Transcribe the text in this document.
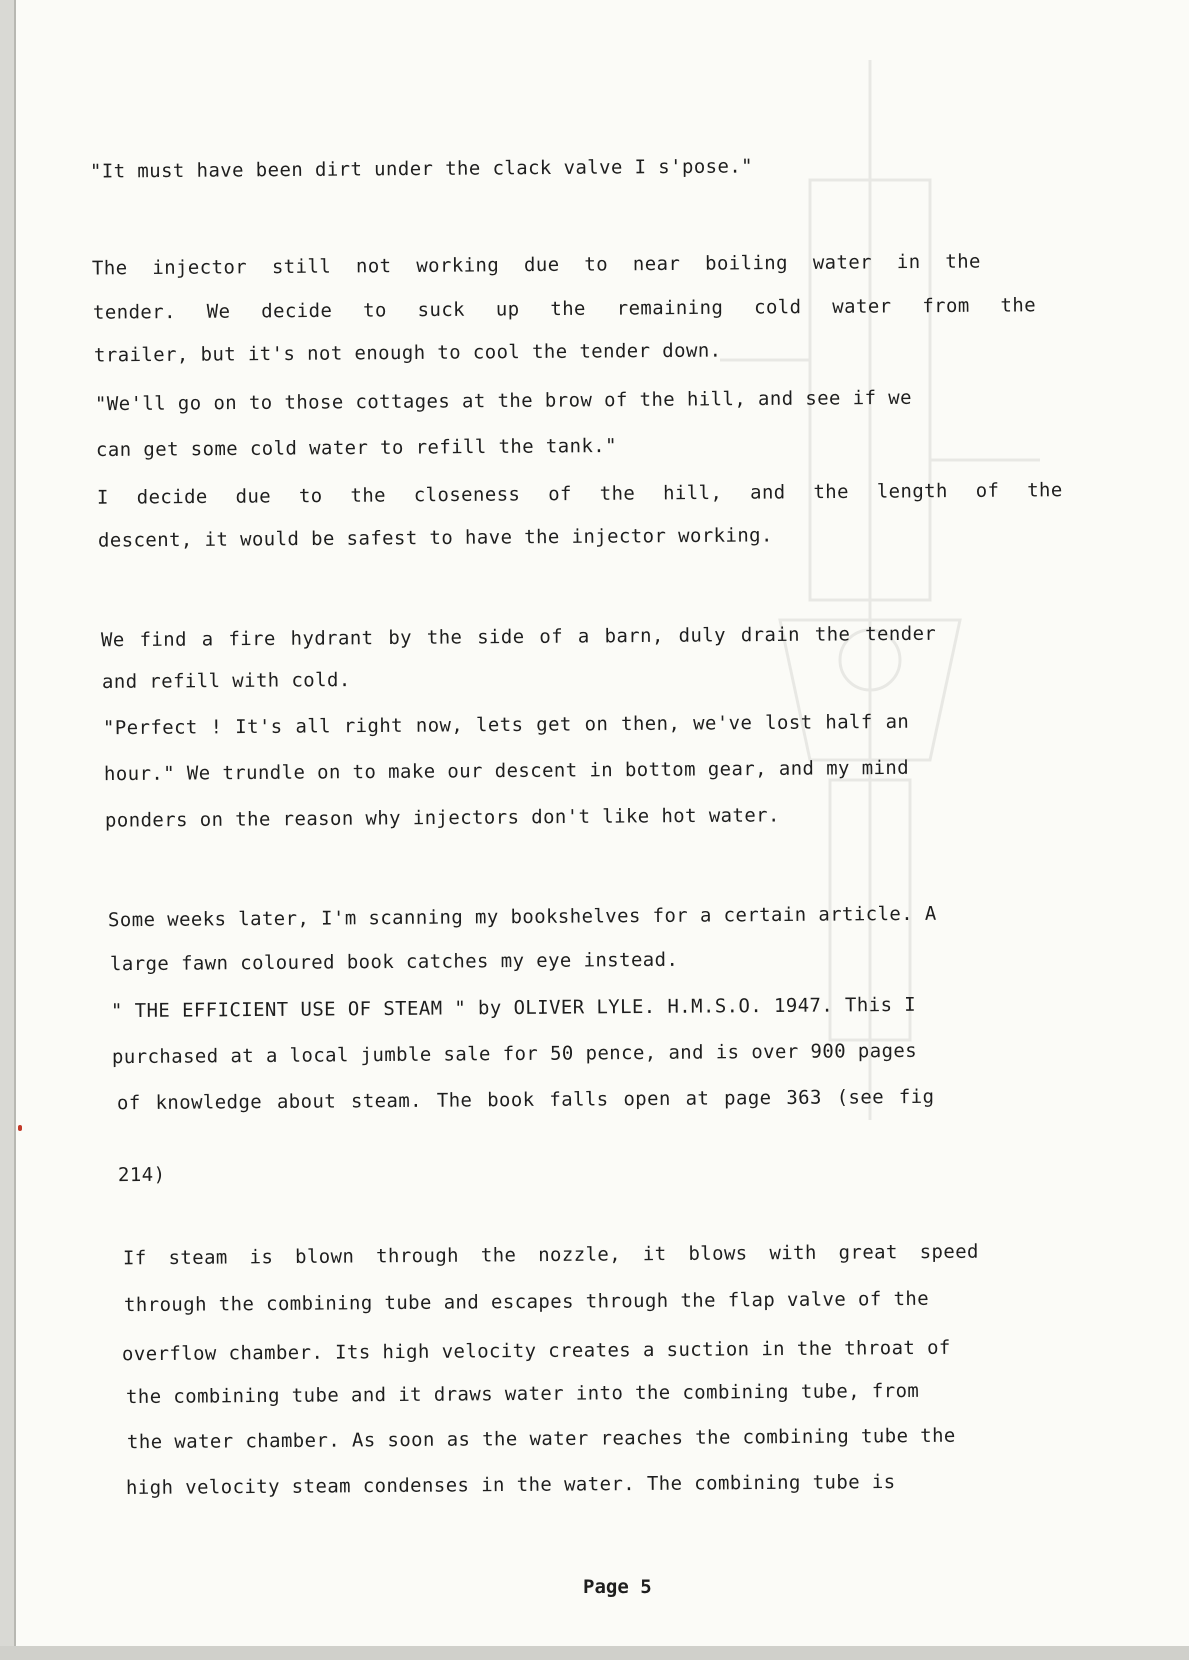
"It must have been dirt under the clack valve I s'pose."
The injector still not working due to near boiling water in the
tender. We decide to suck up the remaining cold water from the
trailer, but it's not enough to cool the tender down.
"We'll go on to those cottages at the brow of the hill, and see if we
can get some cold water to refill the tank."
I decide due to the closeness of the hill, and the length of the
descent, it would be safest to have the injector working.
We find a fire hydrant by the side of a barn, duly drain the tender
and refill with cold.
"Perfect ! It's all right now, lets get on then, we've lost half an
hour." We trundle on to make our descent in bottom gear, and my mind
ponders on the reason why injectors don't like hot water.
Some weeks later, I'm scanning my bookshelves for a certain article. A
large fawn coloured book catches my eye instead.
" THE EFFICIENT USE OF STEAM " by OLIVER LYLE. H.M.S.O. 1947. This I
purchased at a local jumble sale for 50 pence, and is over 900 pages
of knowledge about steam. The book falls open at page 363 (see fig
214)
If steam is blown through the nozzle, it blows with great speed
through the combining tube and escapes through the flap valve of the
overflow chamber. Its high velocity creates a suction in the throat of
the combining tube and it draws water into the combining tube, from
the water chamber. As soon as the water reaches the combining tube the
high velocity steam condenses in the water. The combining tube is
Page 5
